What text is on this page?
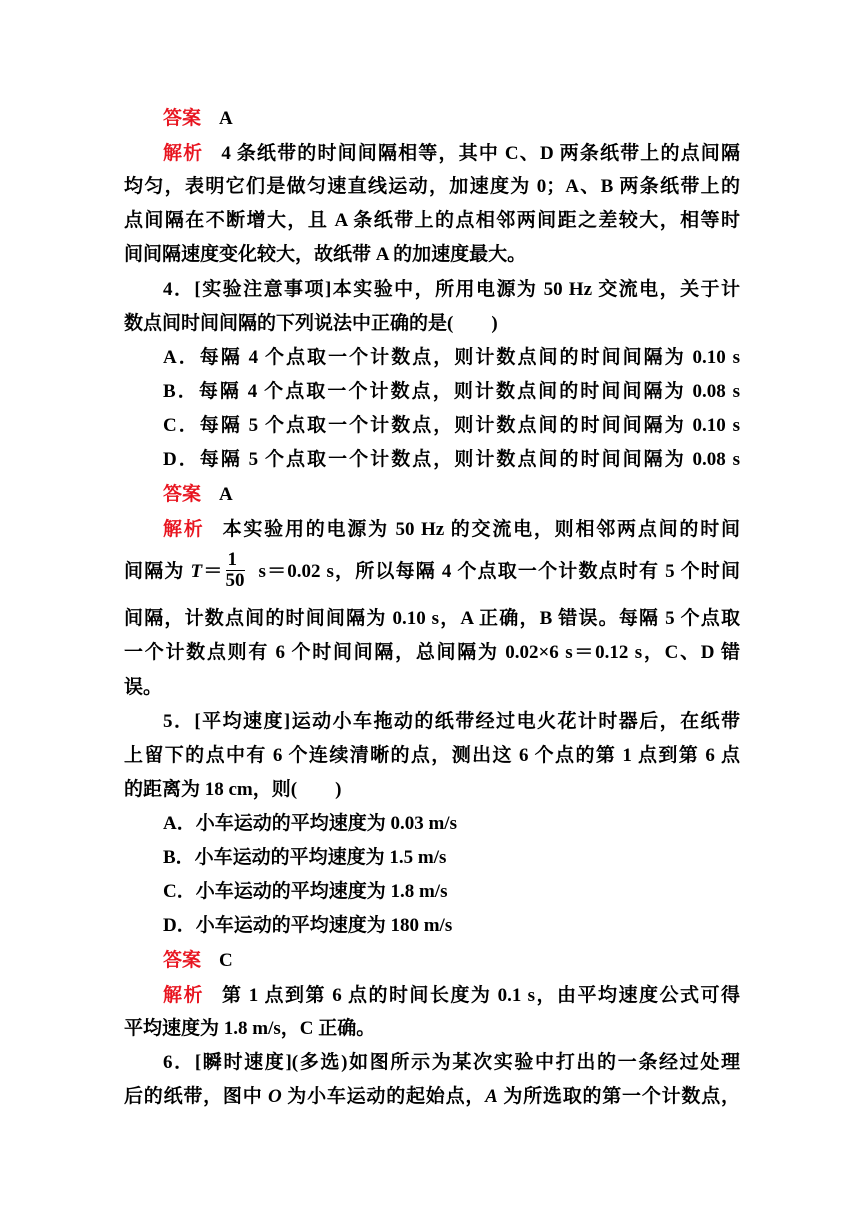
答案 A
解析 4 条纸带的时间间隔相等，其中 C、D 两条纸带上的点间隔
均匀，表明它们是做匀速直线运动，加速度为 0；A、B 两条纸带上的
点间隔在不断增大，且 A 条纸带上的点相邻两间距之差较大，相等时
间间隔速度变化较大，故纸带 A 的加速度最大。
4．[实验注意事项]本实验中，所用电源为 50 Hz 交流电，关于计
数点间时间间隔的下列说法中正确的是(　　)
A．每隔 4 个点取一个计数点，则计数点间的时间间隔为 0.10 s
B．每隔 4 个点取一个计数点，则计数点间的时间间隔为 0.08 s
C．每隔 5 个点取一个计数点，则计数点间的时间间隔为 0.10 s
D．每隔 5 个点取一个计数点，则计数点间的时间间隔为 0.08 s
答案 A
解析 本实验用的电源为 50 Hz 的交流电，则相邻两点间的时间
间隔为 $T= \frac{1}{50} s=0.02$ s，所以每隔 4 个点取一个计数点时有 5 个时间
间隔，计数点间的时间间隔为 0.10 s，A 正确，B 错误。每隔 5 个点取
一个计数点则有 6 个时间间隔，总间隔为 0.02×6 s＝0.12 s，C、D 错
误。
5．[平均速度]运动小车拖动的纸带经过电火花计时器后，在纸带
上留下的点中有 6 个连续清晰的点，测出这 6 个点的第 1 点到第 6 点
的距离为 18 cm，则(　　)
A．小车运动的平均速度为 0.03 m/s
B．小车运动的平均速度为 1.5 m/s
C．小车运动的平均速度为 1.8 m/s
D．小车运动的平均速度为 180 m/s
答案 C
解析 第 1 点到第 6 点的时间长度为 0.1 s，由平均速度公式可得
平均速度为 1.8 m/s，C 正确。
6．[瞬时速度](多选)如图所示为某次实验中打出的一条经过处理
后的纸带，图中 O 为小车运动的起始点，A 为所选取的第一个计数点，
